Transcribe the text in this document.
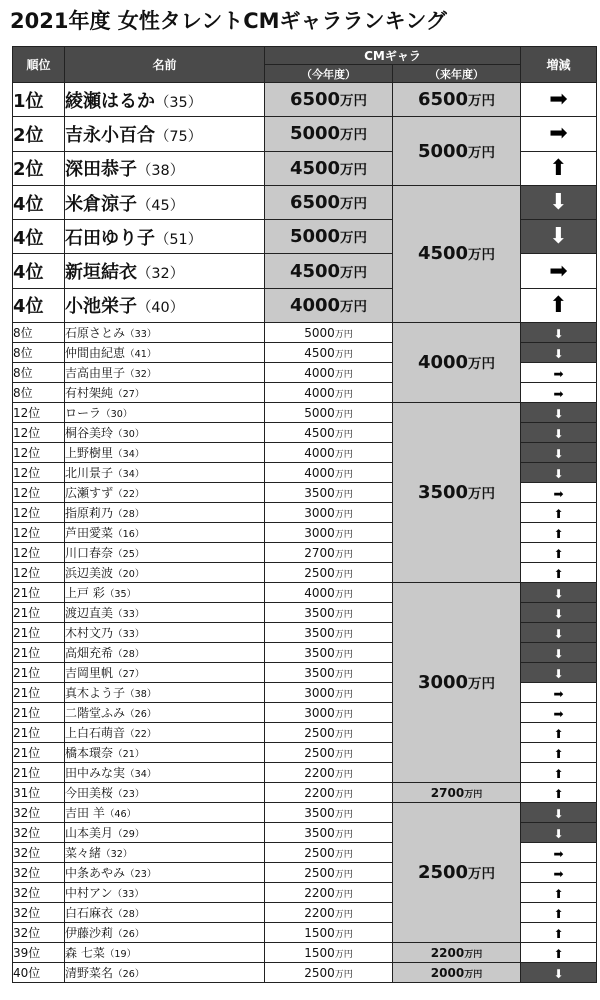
2021年度 女性タレントCMギャラランキング
順位	名前	CMギャラ		増減
		（今年度）	（来年度）	
1位	綾瀬はるか（35）	6500万円	6500万円	➡
2位	吉永小百合（75）	5000万円	5000万円	➡
2位	深田恭子（38）	4500万円		⬆
4位	米倉涼子（45）	6500万円	4500万円	⬇
4位	石田ゆり子（51）	5000万円		⬇
4位	新垣結衣（32）	4500万円		➡
4位	小池栄子（40）	4000万円		⬆
8位	石原さとみ（33）	5000万円	4000万円	⬇
8位	仲間由紀恵（41）	4500万円		⬇
8位	吉高由里子（32）	4000万円		➡
8位	有村架純（27）	4000万円		➡
12位	ローラ（30）	5000万円	3500万円	⬇
12位	桐谷美玲（30）	4500万円		⬇
12位	上野樹里（34）	4000万円		⬇
12位	北川景子（34）	4000万円		⬇
12位	広瀬すず（22）	3500万円		➡
12位	指原莉乃（28）	3000万円		⬆
12位	芦田愛菜（16）	3000万円		⬆
12位	川口春奈（25）	2700万円		⬆
12位	浜辺美波（20）	2500万円		⬆
21位	上戸 彩（35）	4000万円	3000万円	⬇
21位	渡辺直美（33）	3500万円		⬇
21位	木村文乃（33）	3500万円		⬇
21位	高畑充希（28）	3500万円		⬇
21位	吉岡里帆（27）	3500万円		⬇
21位	真木よう子（38）	3000万円		➡
21位	二階堂ふみ（26）	3000万円		➡
21位	上白石萌音（22）	2500万円		⬆
21位	橋本環奈（21）	2500万円		⬆
21位	田中みな実（34）	2200万円		⬆
31位	今田美桜（23）	2200万円	2700万円	⬆
32位	吉田 羊（46）	3500万円	2500万円	⬇
32位	山本美月（29）	3500万円		⬇
32位	菜々緒（32）	2500万円		➡
32位	中条あやみ（23）	2500万円		➡
32位	中村アン（33）	2200万円		⬆
32位	白石麻衣（28）	2200万円		⬆
32位	伊藤沙莉（26）	1500万円		⬆
39位	森 七菜（19）	1500万円	2200万円	⬆
40位	清野菜名（26）	2500万円	2000万円	⬇
